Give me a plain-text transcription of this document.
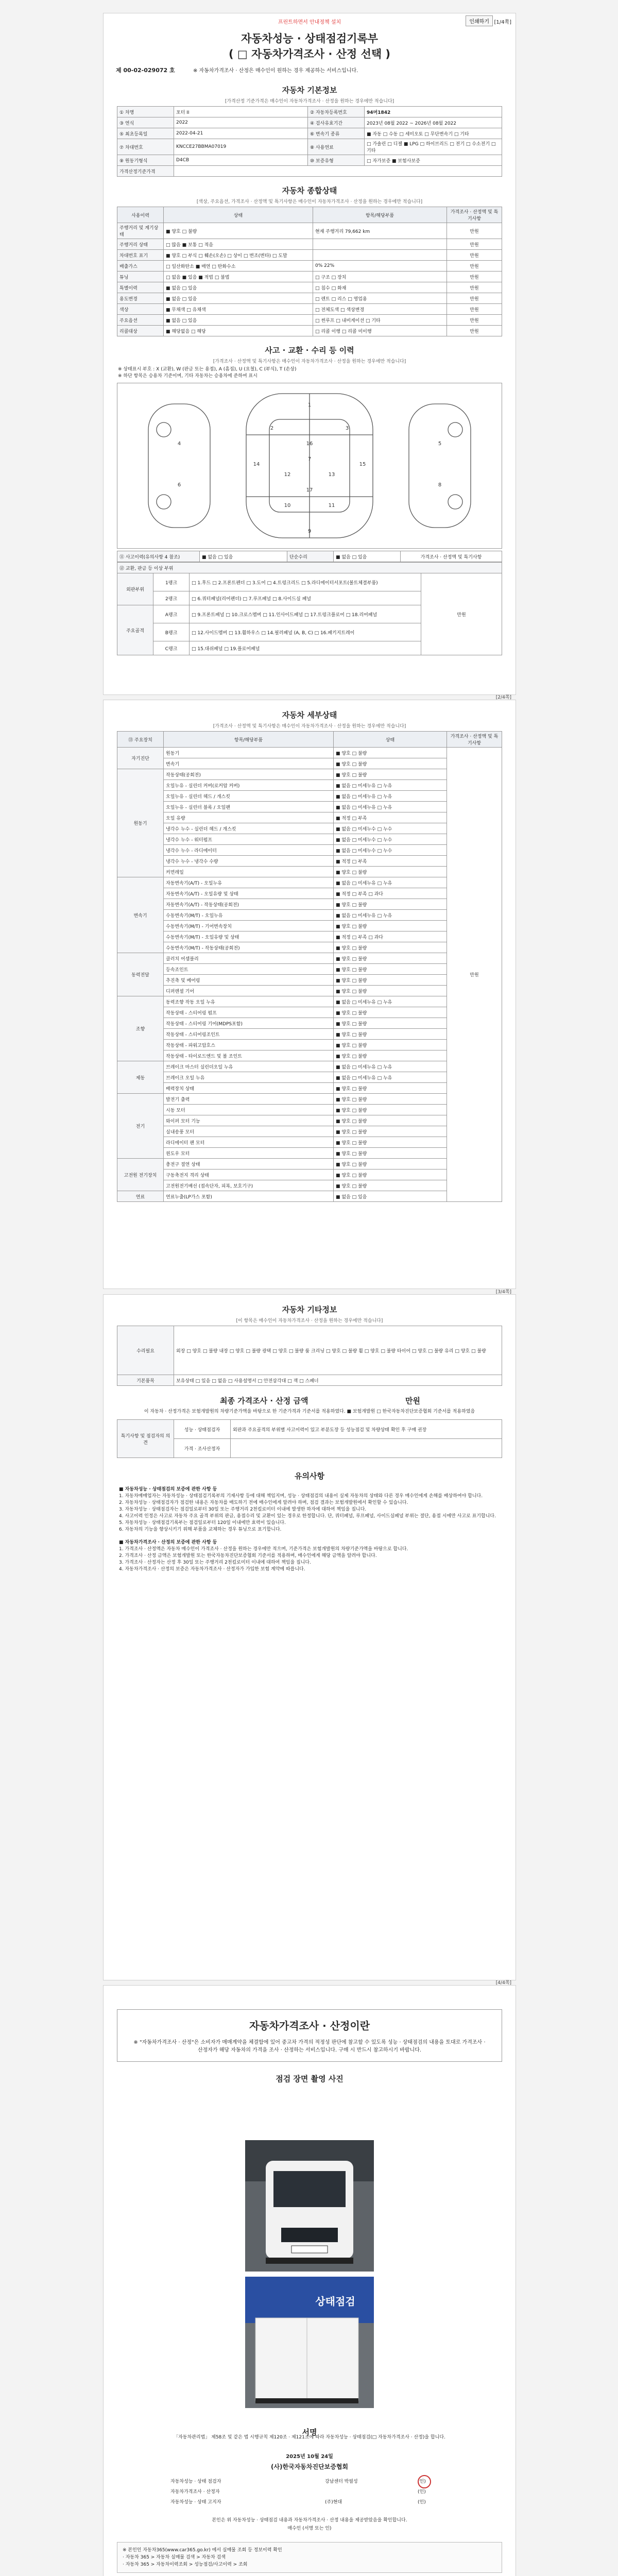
프린트하면서 안내정책 설치	인쇄하기 [1/4쪽]
자동차성능 · 상태점검기록부
( □ 자동차가격조사 · 산정 선택 )
제 00-02-029072 호	※ 자동차가격조사 · 산정은 매수인이 원하는 경우 제공하는 서비스입니다.
자동차 기본정보
[가격산정 기준가격은 매수인이 자동차가격조사 · 산정을 원하는 경우에만 적습니다]
① 차명	포터 II	② 자동차등록번호	94머1842
③ 연식	2022	④ 검사유효기간	2023년 08월 2022 ~ 2026년 08월 2022
⑤ 최초등록일	2022-04-21	⑥ 변속기 종류	■ 자동 □ 수동 □ 세미오토 □ 무단변속기 □ 기타
⑦ 차대번호	KNCCE27BBMA07019	⑧ 사용연료	□ 가솔린 □ 디젤 ■ LPG □ 하이브리드 □ 전기 □ 수소전기 □ 기타
⑨ 원동기형식	D4CB	⑩ 보증유형	□ 자가보증 ■ 보험사보증
가격산정기준가격			
자동차 종합상태
[색상, 주요옵션, 가격조사 · 산정액 및 특기사항은 매수인이 자동차가격조사 · 산정을 원하는 경우에만 적습니다]
사용이력	상태	항목/해당부품	가격조사 · 산정액 및 특기사항
주행거리 및 계기상태	■ 양호 □ 불량	현재 주행거리 79,662 km	만원
주행거리 상태	□ 많음 ■ 보통 □ 적음		만원
차대번호 표기	■ 양호 □ 부식 □ 훼손(오손) □ 상이 □ 변조(변타) □ 도말		만원
배출가스	□ 일산화탄소 ■ 매연 □ 탄화수소	0% 22%	만원
튜닝	□ 없음 ■ 있음 ■ 적법 □ 불법	□ 구조 □ 장치	만원
특별이력	■ 없음 □ 있음	□ 침수 □ 화재	만원
용도변경	■ 없음 □ 있음	□ 렌트 □ 리스 □ 영업용	만원
색상	■ 무채색 □ 유채색	□ 전체도색 □ 색상변경	만원
주요옵션	■ 없음 □ 있음	□ 썬루프 □ 내비게이션 □ 기타	만원
리콜대상	■ 해당없음 □ 해당	□ 리콜 이행 □ 리콜 미이행	만원
사고 · 교환 · 수리 등 이력
[가격조사 · 산정액 및 특기사항은 매수인이 자동차가격조사 · 산정을 원하는 경우에만 적습니다]
※ 상태표시 부호 : X (교환), W (판금 또는 용접), A (흠집), U (요철), C (부식), T (손상)
※ 하단 항목은 승용차 기준이며, 기타 자동차는 승용차에 준하여 표시
1
2	3
4	5
6
7
8
9
10	11
12	13
14	15
16
17
⑪ 사고이력(유의사항 4 참조)	■ 없음 □ 있음	단순수리	■ 없음 □ 있음	가격조사 · 산정액 및 특기사항
⑫ 교환, 판금 등 이상 부위			
외판부위	1랭크	□ 1.후드 □ 2.프론트펜더 □ 3.도어 □ 4.트렁크리드 □ 5.라디에이터서포트(볼트체결부품)	만원
	2랭크	□ 6.쿼터패널(리어펜더) □ 7.루프패널 □ 8.사이드실 패널	
주요골격	A랭크	□ 9.프론트패널 □ 10.크로스멤버 □ 11.인사이드패널 □ 17.트렁크플로어 □ 18.리어패널	
	B랭크	□ 12.사이드멤버 □ 13.휠하우스 □ 14.필러패널 (A, B, C) □ 16.패키지트레이	
	C랭크	□ 15.대쉬패널 □ 19.플로어패널	
[2/4쪽]
자동차 세부상태
[가격조사 · 산정액 및 특기사항은 매수인이 자동차가격조사 · 산정을 원하는 경우에만 적습니다]
⑬ 주요장치	항목/해당부품	상태	가격조사 · 산정액 및 특기사항
자기진단	원동기	■ 양호 □ 불량	만원
	변속기	■ 양호 □ 불량	
원동기	작동상태(공회전)	■ 양호 □ 불량	
	오일누유 - 실린더 커버(로커암 커버)	■ 없음 □ 미세누유 □ 누유	
	오일누유 - 실린더 헤드 / 개스킷	■ 없음 □ 미세누유 □ 누유	
	오일누유 - 실린더 블록 / 오일팬	■ 없음 □ 미세누유 □ 누유	
	오일 유량	■ 적정 □ 부족	
	냉각수 누수 - 실린더 헤드 / 개스킷	■ 없음 □ 미세누수 □ 누수	
	냉각수 누수 - 워터펌프	■ 없음 □ 미세누수 □ 누수	
	냉각수 누수 - 라디에이터	■ 없음 □ 미세누수 □ 누수	
	냉각수 누수 - 냉각수 수량	■ 적정 □ 부족	
	커먼레일	■ 양호 □ 불량	
변속기	자동변속기(A/T) - 오일누유	■ 없음 □ 미세누유 □ 누유	
	자동변속기(A/T) - 오일유량 및 상태	■ 적정 □ 부족 □ 과다	
	자동변속기(A/T) - 작동상태(공회전)	■ 양호 □ 불량	
	수동변속기(M/T) - 오일누유	■ 없음 □ 미세누유 □ 누유	
	수동변속기(M/T) - 기어변속장치	■ 양호 □ 불량	
	수동변속기(M/T) - 오일유량 및 상태	■ 적정 □ 부족 □ 과다	
	수동변속기(M/T) - 작동상태(공회전)	■ 양호 □ 불량	
동력전달	클러치 어셈블리	■ 양호 □ 불량	
	등속조인트	■ 양호 □ 불량	
	추진축 및 베어링	■ 양호 □ 불량	
	디퍼렌셜 기어	■ 양호 □ 불량	
조향	동력조향 작동 오일 누유	■ 없음 □ 미세누유 □ 누유	
	작동상태 - 스티어링 펌프	■ 양호 □ 불량	
	작동상태 - 스티어링 기어(MDPS포함)	■ 양호 □ 불량	
	작동상태 - 스티어링조인트	■ 양호 □ 불량	
	작동상태 - 파워고압호스	■ 양호 □ 불량	
	작동상태 - 타이로드엔드 및 볼 조인트	■ 양호 □ 불량	
제동	브레이크 마스터 실린더오일 누유	■ 없음 □ 미세누유 □ 누유	
	브레이크 오일 누유	■ 없음 □ 미세누유 □ 누유	
	배력장치 상태	■ 양호 □ 불량	
전기	발전기 출력	■ 양호 □ 불량	
	시동 모터	■ 양호 □ 불량	
	와이퍼 모터 기능	■ 양호 □ 불량	
	실내송풍 모터	■ 양호 □ 불량	
	라디에이터 팬 모터	■ 양호 □ 불량	
	윈도우 모터	■ 양호 □ 불량	
고전원 전기장치	충전구 절연 상태	■ 양호 □ 불량	
	구동축전지 격리 상태	■ 양호 □ 불량	
	고전원전기배선 (접속단자, 피복, 보호기구)	■ 양호 □ 불량	
연료	연료누출(LP가스 포함)	■ 없음 □ 있음	
[3/4쪽]
자동차 기타정보
[이 항목은 매수인이 자동차가격조사 · 산정을 원하는 경우에만 적습니다]
수리필요	외장 □ 양호 □ 불량 내장 □ 양호 □ 불량 광택 □ 양호 □ 불량 룸 크리닝 □ 양호 □ 불량 휠 □ 양호 □ 불량 타이어 □ 양호 □ 불량 유리 □ 양호 □ 불량
기본품목	보유상태 □ 있음 □ 없음 □ 사용설명서 □ 안전삼각대 □ 잭 □ 스패너
최종 가격조사 · 산정 금액	만원
이 자동차 · 산정가격은 보험개발원의 차량기준가액을 바탕으로 한 기준가격과 기준서를 적용하였다. ■ 보험개발원 □ 한국자동차진단보증협회 기준서를 적용하였음
특기사항 및 점검자의 의견	성능 · 상태점검자	외판과 주요골격의 부위별 사고이력이 있고 부분도장 등 성능점검 및 차량상태 확인 후 구매 권장
	가격 · 조사산정자	
유의사항
■ 자동차성능 · 상태점검의 보증에 관한 사항 등
1. 자동차매매업자는 자동차성능 · 상태점검기록부의 기재사항 등에 대해 책임지며, 성능 · 상태점검의 내용이 실제 자동차의 상태와 다른 경우 매수인에게 손해를 배상하여야 합니다.
2. 자동차성능 · 상태점검자가 점검한 내용은 자동차를 매도하기 전에 매수인에게 알려야 하며, 점검 결과는 보험개발원에서 확인할 수 있습니다.
3. 자동차성능 · 상태점검자는 점검일로부터 30일 또는 주행거리 2천킬로미터 이내에 발생한 하자에 대하여 책임을 집니다.
4. 사고이력 인정은 사고로 자동차 주요 골격 부위의 판금, 용접수리 및 교환이 있는 경우로 한정합니다. 단, 쿼터패널, 루프패널, 사이드실패널 부위는 절단, 용접 시에만 사고로 표기합니다.
5. 자동차성능 · 상태점검기록부는 점검일로부터 120일 이내에만 효력이 있습니다.
6. 자동차의 기능을 향상시키기 위해 부품을 교체하는 경우 튜닝으로 표기합니다.
■ 자동차가격조사 · 산정의 보증에 관한 사항 등
1. 가격조사 · 산정액은 자동차 매수인이 가격조사 · 산정을 원하는 경우에만 적으며, 기준가격은 보험개발원의 차량기준가액을 바탕으로 합니다.
2. 가격조사 · 산정 금액은 보험개발원 또는 한국자동차진단보증협회 기준서를 적용하며, 매수인에게 해당 금액을 알려야 합니다.
3. 가격조사 · 산정자는 산정 후 30일 또는 주행거리 2천킬로미터 이내에 대하여 책임을 집니다.
4. 자동차가격조사 · 산정의 보증은 자동차가격조사 · 산정자가 가입한 보험 계약에 따릅니다.
[4/4쪽]
자동차가격조사 · 산정이란
※ "자동차가격조사 · 산정"은 소비자가 매매계약을 체결함에 있어 중고차 가격의 적정성 판단에 참고할 수 있도록 성능 · 상태점검의 내용을 토대로 가격조사 · 산정자가 해당 자동차의 가격을 조사 · 산정하는 서비스입니다. 구매 시 반드시 참고하시기 바랍니다.
점검 장면 촬영 사진
상태점검
서명
「자동차관리법」 제58조 및 같은 법 시행규칙 제120조 · 제121조에 따라 자동차성능 · 상태점검(□ 자동차가격조사 · 산정)을 합니다.
2025년 10월 24일
(사)한국자동차진단보증협회
자동차성능 · 상태 점검자	강남센터 박필성	(인)
자동차가격조사 · 산정자	(인)
자동차성능 · 상태 고지자	(주)현대	(인)
본인은 위 자동차성능 · 상태점검 내용과 자동차가격조사 · 산정 내용을 제공받았음을 확인합니다.
매수인 (서명 또는 인)
※ 본인인 자동차365(www.car365.go.kr) 에서 실매물 조회 등 정보이력 확인
· 자동차 365 > 자동차 실매물 검색 > 자동차 검색
· 자동차 365 > 자동차이력조회 > 성능점검/사고이력 > 조회
